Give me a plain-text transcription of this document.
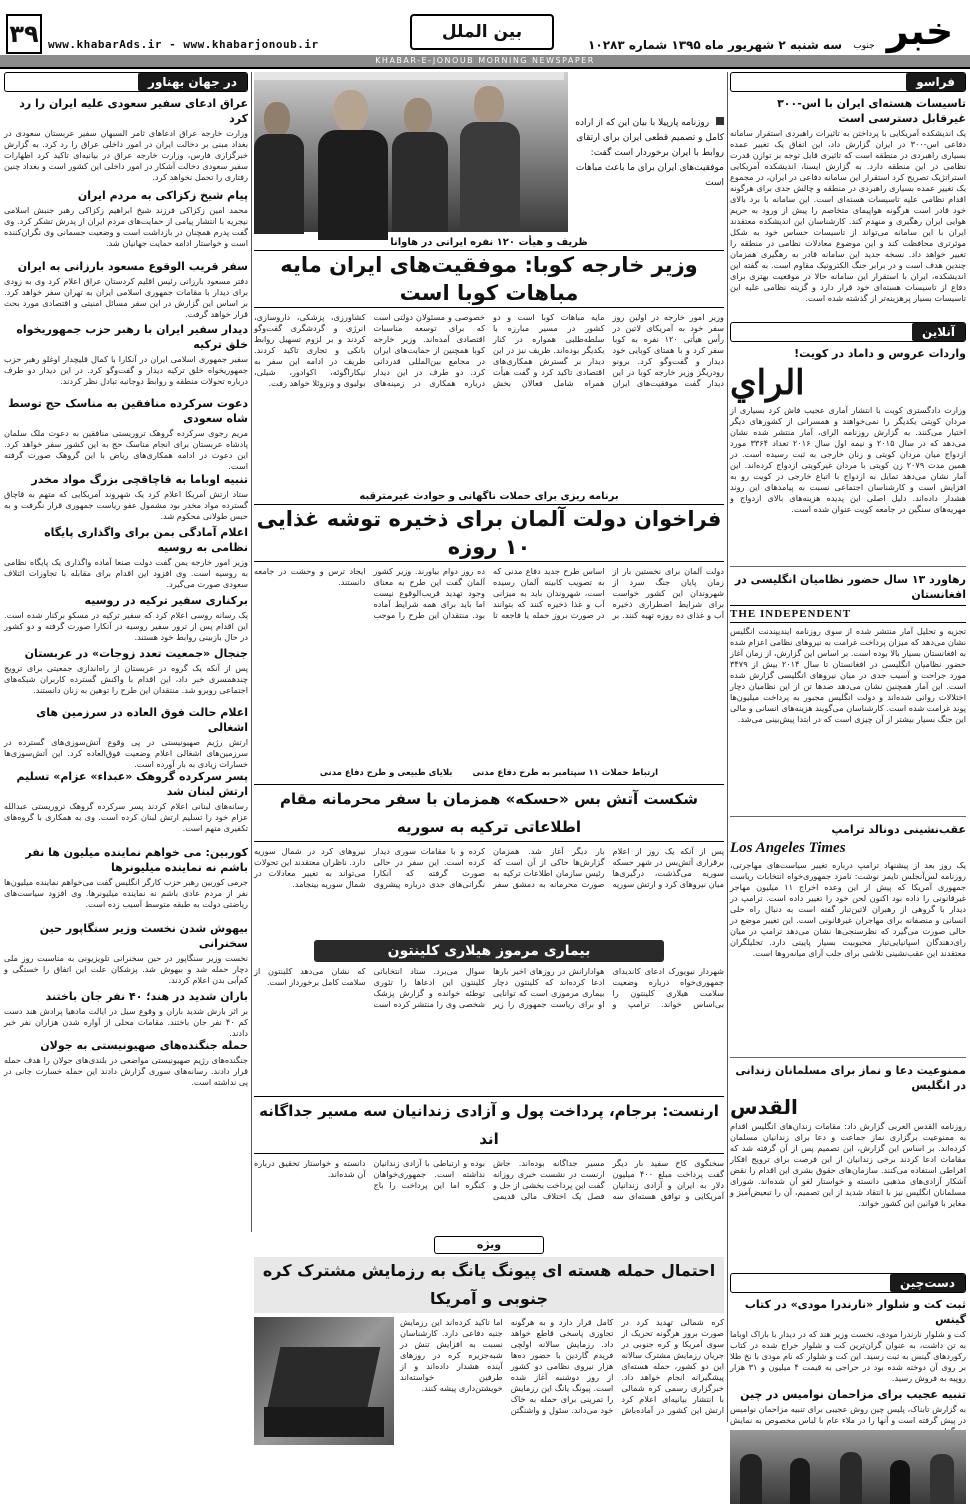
۳۹ www.khabarAds.ir - www.khabarjonoub.ir
بین الملل
سه شنبه ۲ شهریور ماه ۱۳۹۵ شماره ۱۰۲۸۳ خبر
جنوب
KHABAR-E-JONOUB MORNING NEWSPAPER
فراسو
تاسیسات هسته‌ای ایران با اس-۳۰۰ غیرقابل دسترسی است
یک اندیشکده آمریکایی با پرداختن به تاثیرات راهبردی استقرار سامانه دفاعی اس-۳۰۰ در ایران گزارش داد، این اتفاق یک تغییر عمده بسیاری راهبردی در منطقه است که تاثیری قابل توجه بر توازن قدرت نظامی در این منطقه دارد. به گزارش ایسنا، اندیشکده آمریکایی استراتژیک تصریح کرد استقرار این سامانه دفاعی در ایران، در مجموع یک تغییر عمده بسیاری راهبردی در منطقه و چالش جدی برای هرگونه اقدام نظامی علیه تاسیسات هسته‌ای است. این سامانه با برد بالای خود قادر است هرگونه هواپیمای متخاصم را پیش از ورود به حریم هوایی ایران رهگیری و منهدم کند. کارشناسان این اندیشکده معتقدند ایران با این سامانه می‌تواند از تاسیسات حساس خود به شکل موثرتری محافظت کند و این موضوع معادلات نظامی در منطقه را تغییر خواهد داد. نسخه جدید این سامانه قادر به رهگیری همزمان چندین هدف است و در برابر جنگ الکترونیک مقاوم است. به گفته این اندیشکده، ایران با استقرار این سامانه حالا در موقعیت بهتری برای دفاع از تاسیسات هسته‌ای خود قرار دارد و گزینه نظامی علیه این تاسیسات بسیار پرهزینه‌تر از گذشته شده است.
آنلاین
واردات عروس و داماد در کویت!
الراي
وزارت دادگستری کویت با انتشار آماری عجیب فاش کرد بسیاری از مردان کویتی یکدیگر را نمی‌خواهند و همسرانی از کشورهای دیگر اختیار می‌کنند. به گزارش روزنامه الرای، آمار منتشر شده نشان می‌دهد که در سال ۲۰۱۵ و نیمه اول سال ۲۰۱۶ تعداد ۳۳۶۴ مورد ازدواج میان مردان کویتی و زنان خارجی به ثبت رسیده است. در همین مدت ۲۰۷۹ زن کویتی با مردان غیرکویتی ازدواج کرده‌اند. این آمار نشان می‌دهد تمایل به ازدواج با اتباع خارجی در کویت رو به افزایش است و کارشناسان اجتماعی نسبت به پیامدهای این روند هشدار داده‌اند. دلیل اصلی این پدیده هزینه‌های بالای ازدواج و مهریه‌های سنگین در جامعه کویت عنوان شده است.
رهاورد ۱۳ سال حضور نظامیان انگلیسی در افغانستان
THE INDEPENDENT
تجزیه و تحلیل آمار منتشر شده از سوی روزنامه ایندیپندنت انگلیس نشان می‌دهد که میزان پرداخت غرامت به نیروهای نظامی اعزام شده به افغانستان بسیار بالا بوده است. بر اساس این گزارش، از زمان آغاز حضور نظامیان انگلیسی در افغانستان تا سال ۲۰۱۴ بیش از ۳۴۷۹ مورد جراحت و آسیب جدی در میان نیروهای انگلیسی گزارش شده است. این آمار همچنین نشان می‌دهد صدها تن از این نظامیان دچار اختلالات روانی شده‌اند و دولت انگلیس مجبور به پرداخت میلیون‌ها پوند غرامت شده است. کارشناسان می‌گویند هزینه‌های انسانی و مالی این جنگ بسیار بیشتر از آن چیزی است که در ابتدا پیش‌بینی می‌شد.
عقب‌نشینی دونالد ترامپ
Los Angeles Times
یک روز بعد از پیشنهاد ترامپ درباره تغییر سیاست‌های مهاجرتی، روزنامه لس‌آنجلس تایمز نوشت: نامزد جمهوری‌خواه انتخابات ریاست جمهوری آمریکا که پیش از این وعده اخراج ۱۱ میلیون مهاجر غیرقانونی را داده بود اکنون لحن خود را تغییر داده است. ترامپ در دیدار با گروهی از رهبران لاتین‌تبار گفته است به دنبال راه حلی انسانی و منصفانه برای مهاجران غیرقانونی است. این تغییر موضع در حالی صورت می‌گیرد که نظرسنجی‌ها نشان می‌دهد ترامپ در میان رای‌دهندگان اسپانیایی‌تبار محبوبیت بسیار پایینی دارد. تحلیلگران معتقدند این عقب‌نشینی تلاشی برای جلب آرای میانه‌روها است.
ممنوعیت دعا و نماز برای مسلمانان زندانی در انگلیس
القدس
روزنامه القدس العربی گزارش داد: مقامات زندان‌های انگلیس اقدام به ممنوعیت برگزاری نماز جماعت و دعا برای زندانیان مسلمان کرده‌اند. بر اساس این گزارش، این تصمیم پس از آن گرفته شد که مقامات ادعا کردند برخی زندانیان از این فرصت برای ترویج افکار افراطی استفاده می‌کنند. سازمان‌های حقوق بشری این اقدام را نقض آشکار آزادی‌های مذهبی دانسته و خواستار لغو آن شده‌اند. شورای مسلمانان انگلیس نیز با انتقاد شدید از این تصمیم، آن را تبعیض‌آمیز و مغایر با قوانین این کشور خواند.
دست‌چین
ثبت کت و شلوار «نارندرا مودی» در کتاب گینس
کت و شلوار نارندرا مودی، نخست وزیر هند که در دیدار با باراک اوباما به تن داشت، به عنوان گران‌ترین کت و شلوار حراج شده در کتاب رکوردهای گینس به ثبت رسید. این کت و شلوار که نام مودی با نخ طلا بر روی آن دوخته شده بود در حراجی به قیمت ۴ میلیون و ۳۱ هزار روپیه به فروش رسید.
تنبیه عجیب برای مزاحمان نوامیس در چین
به گزارش تابناک، پلیس چین روش عجیبی برای تنبیه مزاحمان نوامیس در پیش گرفته است و آنها را در ملاء عام با لباس مخصوص به نمایش
در جهان بهناور
عراق ادعای سفیر سعودی علیه ایران را رد کرد
وزارت خارجه عراق ادعاهای ثامر السبهان سفیر عربستان سعودی در بغداد مبنی بر دخالت ایران در امور داخلی عراق را رد کرد. به گزارش خبرگزاری فارس، وزارت خارجه عراق در بیانیه‌ای تاکید کرد اظهارات سفیر سعودی دخالت آشکار در امور داخلی این کشور است و بغداد چنین رفتاری را تحمل نخواهد کرد.
پیام شیخ زکزاکی به مردم ایران
محمد امین زکزاکی فرزند شیخ ابراهیم زکزاکی رهبر جنبش اسلامی نیجریه با انتشار پیامی از حمایت‌های مردم ایران از پدرش تشکر کرد. وی گفت پدرم همچنان در بازداشت است و وضعیت جسمانی وی نگران‌کننده است و خواستار ادامه حمایت جهانیان شد.
سفر قریب الوقوع مسعود بارزانی به ایران
دفتر مسعود بارزانی رئیس اقلیم کردستان عراق اعلام کرد وی به زودی برای دیدار با مقامات جمهوری اسلامی ایران به تهران سفر خواهد کرد. بر اساس این گزارش در این سفر مسائل امنیتی و اقتصادی مورد بحث قرار خواهد گرفت.
دیدار سفیر ایران با رهبر حزب جمهوریخواه خلق ترکیه
سفیر جمهوری اسلامی ایران در آنکارا با کمال قلیچدار اوغلو رهبر حزب جمهوریخواه خلق ترکیه دیدار و گفت‌وگو کرد. در این دیدار دو طرف درباره تحولات منطقه و روابط دوجانبه تبادل نظر کردند.
دعوت سرکرده منافقین به مناسک حج توسط شاه سعودی
مریم رجوی سرکرده گروهک تروریستی منافقین به دعوت ملک سلمان پادشاه عربستان برای انجام مناسک حج به این کشور سفر خواهد کرد. این دعوت در ادامه همکاری‌های ریاض با این گروهک صورت گرفته است.
تنبیه اوباما به قاچاقچی بزرگ مواد مخدر
ستاد ارتش آمریکا اعلام کرد یک شهروند آمریکایی که متهم به قاچاق گسترده مواد مخدر بود مشمول عفو ریاست جمهوری قرار نگرفت و به حبس طولانی محکوم شد.
اعلام آمادگی بمن برای واگذاری پایگاه نظامی به روسیه
وزیر امور خارجه یمن گفت دولت صنعا آماده واگذاری یک پایگاه نظامی به روسیه است. وی افزود این اقدام برای مقابله با تجاوزات ائتلاف سعودی صورت می‌گیرد.
برکناری سفیر ترکیه در روسیه
یک رسانه روسی اعلام کرد که سفیر ترکیه در مسکو برکنار شده است. این اقدام پس از ترور سفیر روسیه در آنکارا صورت گرفته و دو کشور در حال بازبینی روابط خود هستند.
جنجال «جمعیت تعدد زوجات» در عربستان
پس از آنکه یک گروه در عربستان از راه‌اندازی جمعیتی برای ترویج چندهمسری خبر داد، این اقدام با واکنش گسترده کاربران شبکه‌های اجتماعی روبرو شد. منتقدان این طرح را توهین به زنان دانستند.
اعلام حالت فوق العاده در سرزمین های اشغالی
ارتش رژیم صهیونیستی در پی وقوع آتش‌سوزی‌های گسترده در سرزمین‌های اشغالی اعلام وضعیت فوق‌العاده کرد. این آتش‌سوزی‌ها خسارات زیادی به بار آورده است.
پسر سرکرده گروهک «عبداء» عزام» تسلیم ارتش لبنان شد
رسانه‌های لبنانی اعلام کردند پسر سرکرده گروهک تروریستی عبدالله عزام خود را تسلیم ارتش لبنان کرده است. وی به همکاری با گروه‌های تکفیری متهم است.
کوربین: می خواهم نماینده میلیون ها نفر باشم نه نماینده میلیونرها
جرمی کوربین رهبر حزب کارگر انگلیس گفت می‌خواهم نماینده میلیون‌ها نفر از مردم عادی باشم نه نماینده میلیونرها. وی افزود سیاست‌های ریاضتی دولت به طبقه متوسط آسیب زده است.
بیهوش شدن نخست وزیر سنگاپور حین سخنرانی
نخست وزیر سنگاپور در حین سخنرانی تلویزیونی به مناسبت روز ملی دچار حمله شد و بیهوش شد. پزشکان علت این اتفاق را خستگی و کم‌آبی بدن اعلام کردند.
باران شدید در هند؛ ۴۰ نفر جان باختند
بر اثر بارش شدید باران و وقوع سیل در ایالت مادهیا پرادش هند دست کم ۴۰ نفر جان باختند. مقامات محلی از آواره شدن هزاران نفر خبر دادند.
حمله جنگنده‌های صهیونیستی به جولان
جنگنده‌های رژیم صهیونیستی مواضعی در بلندی‌های جولان را هدف حمله قرار دادند. رسانه‌های سوری گزارش دادند این حمله خسارت جانی در پی نداشته است.
روزنامه پارپیلا با بیان این که از اراده کامل و تصمیم قطعی ایران برای ارتقای روابط با ایران برخوردار است گفت: موفقیت‌های ایران برای ما باعث مباهات است
ظریف و هیأت ۱۲۰ نفره ایرانی در هاوانا
وزیر خارجه کوبا: موفقیت‌های ایران مایه مباهات کوبا است
وزیر امور خارجه در اولین روز سفر خود به آمریکای لاتین در رأس هیأتی ۱۲۰ نفره به کوبا سفر کرد و با همتای کوبایی خود دیدار و گفت‌وگو کرد. برونو رودریگز وزیر خارجه کوبا در این دیدار گفت موفقیت‌های ایران مایه مباهات کوبا است و دو کشور در مسیر مبارزه با سلطه‌طلبی همواره در کنار یکدیگر بوده‌اند. ظریف نیز در این دیدار بر گسترش همکاری‌های اقتصادی تاکید کرد و گفت هیأت همراه شامل فعالان بخش خصوصی و مسئولان دولتی است که برای توسعه مناسبات اقتصادی آمده‌اند. وزیر خارجه کوبا همچنین از حمایت‌های ایران در مجامع بین‌المللی قدردانی کرد. دو طرف در این دیدار درباره همکاری در زمینه‌های کشاورزی، پزشکی، داروسازی، انرژی و گردشگری گفت‌وگو کردند و بر لزوم تسهیل روابط بانکی و تجاری تاکید کردند. ظریف در ادامه این سفر به نیکاراگوئه، اکوادور، شیلی، بولیوی و ونزوئلا خواهد رفت.
برنامه ریزی برای حملات ناگهانی و حوادث غیرمترقبه
فراخوان دولت آلمان برای ذخیره توشه غذایی ۱۰ روزه
دولت آلمان برای نخستین بار از زمان پایان جنگ سرد از شهروندان این کشور خواست برای شرایط اضطراری ذخیره آب و غذای ده روزه تهیه کنند. بر اساس طرح جدید دفاع مدنی که به تصویب کابینه آلمان رسیده است، شهروندان باید به میزانی آب و غذا ذخیره کنند که بتوانند در صورت بروز حمله یا فاجعه تا ده روز دوام بیاورند. وزیر کشور آلمان گفت این طرح به معنای وجود تهدید قریب‌الوقوع نیست اما باید برای همه شرایط آماده بود. منتقدان این طرح را موجب ایجاد ترس و وحشت در جامعه دانستند.
ارتباط حملات ۱۱ سپتامبر به طرح دفاع مدنی
بلایای طبیعی و طرح دفاع مدنی
شکست آتش بس «حسکه» همزمان با سفر محرمانه مقام اطلاعاتی ترکیه به سوریه
پس از آنکه یک روز از اعلام برقراری آتش‌بس در شهر حسکه سوریه می‌گذشت، درگیری‌ها میان نیروهای کرد و ارتش سوریه بار دیگر آغاز شد. همزمان گزارش‌ها حاکی از آن است که رئیس سازمان اطلاعات ترکیه به صورت محرمانه به دمشق سفر کرده و با مقامات سوری دیدار کرده است. این سفر در حالی صورت گرفته که آنکارا نگرانی‌های جدی درباره پیشروی نیروهای کرد در شمال سوریه دارد. ناظران معتقدند این تحولات می‌تواند به تغییر معادلات در شمال سوریه بینجامد.
بیماری مرموز هیلاری کلینتون
شهردار نیویورک ادعای کاندیدای جمهوری‌خواه درباره وضعیت سلامت هیلاری کلینتون را بی‌اساس خواند. ترامپ و هوادارانش در روزهای اخیر بارها ادعا کرده‌اند که کلینتون دچار بیماری مرموزی است که توانایی او برای ریاست جمهوری را زیر سوال می‌برد. ستاد انتخاباتی کلینتون این ادعاها را تئوری توطئه خوانده و گزارش پزشک شخصی وی را منتشر کرده است که نشان می‌دهد کلینتون از سلامت کامل برخوردار است.
ارنست: برجام، پرداخت پول و آزادی زندانیان سه مسیر جداگانه اند
سخنگوی کاخ سفید بار دیگر گفت پرداخت مبلغ ۴۰۰ میلیون دلار به ایران و آزادی زندانیان آمریکایی و توافق هسته‌ای سه مسیر جداگانه بوده‌اند. جاش ارنست در نشست خبری روزانه گفت این پرداخت بخشی از حل و فصل یک اختلاف مالی قدیمی بوده و ارتباطی با آزادی زندانیان نداشته است. جمهوری‌خواهان کنگره اما این پرداخت را باج دانسته و خواستار تحقیق درباره آن شده‌اند.
ویژه
احتمال حمله هسته ای پیونگ یانگ به رزمایش مشترک کره جنوبی و آمریکا
کره شمالی تهدید کرد در صورت بروز هرگونه تحریک از سوی آمریکا و کره جنوبی در جریان رزمایش مشترک سالانه این دو کشور، حمله هسته‌ای پیشگیرانه انجام خواهد داد. خبرگزاری رسمی کره شمالی با انتشار بیانیه‌ای اعلام کرد ارتش این کشور در آماده‌باش کامل قرار دارد و به هرگونه تجاوزی پاسخی قاطع خواهد داد. رزمایش سالانه اولچی فریدم گاردین با حضور ده‌ها هزار نیروی نظامی دو کشور از روز دوشنبه آغاز شده است. پیونگ یانگ این رزمایش را تمرینی برای حمله به خاک خود می‌داند. سئول و واشنگتن اما تاکید کرده‌اند این رزمایش جنبه دفاعی دارد. کارشناسان نسبت به افزایش تنش در شبه‌جزیره کره در روزهای آینده هشدار داده‌اند و از طرفین خواسته‌اند خویشتن‌داری پیشه کنند.
